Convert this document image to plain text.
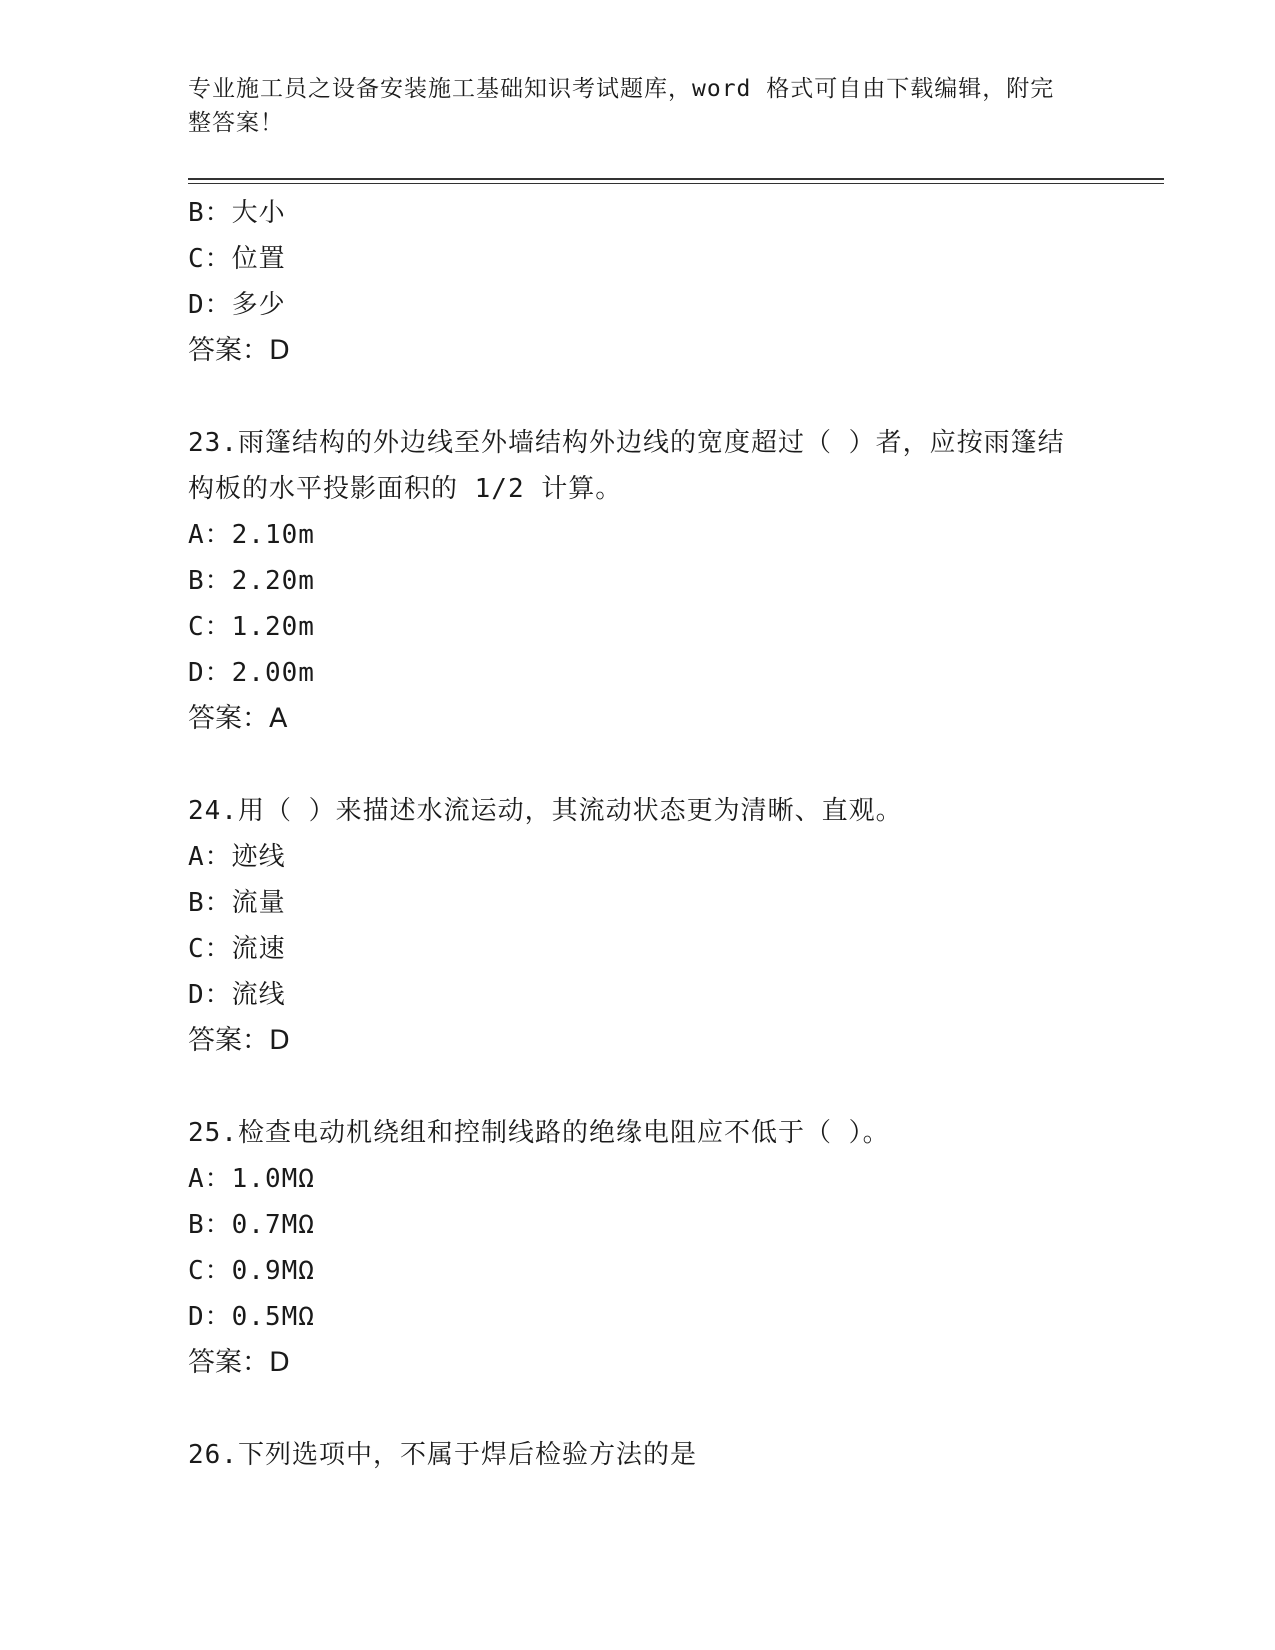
专业施工员之设备安装施工基础知识考试题库，word 格式可自由下载编辑，附完整答案！
B：大小
C：位置
D：多少
答案：D
23.雨篷结构的外边线至外墙结构外边线的宽度超过（ ）者，应按雨篷结构板的水平投影面积的 1/2 计算。
A：2.10m
B：2.20m
C：1.20m
D：2.00m
答案：A
24.用（ ）来描述水流运动，其流动状态更为清晰、直观。
A：迹线
B：流量
C：流速
D：流线
答案：D
25.检查电动机绕组和控制线路的绝缘电阻应不低于（ ）。
A：1.0MΩ
B：0.7MΩ
C：0.9MΩ
D：0.5MΩ
答案：D
26.下列选项中，不属于焊后检验方法的是
